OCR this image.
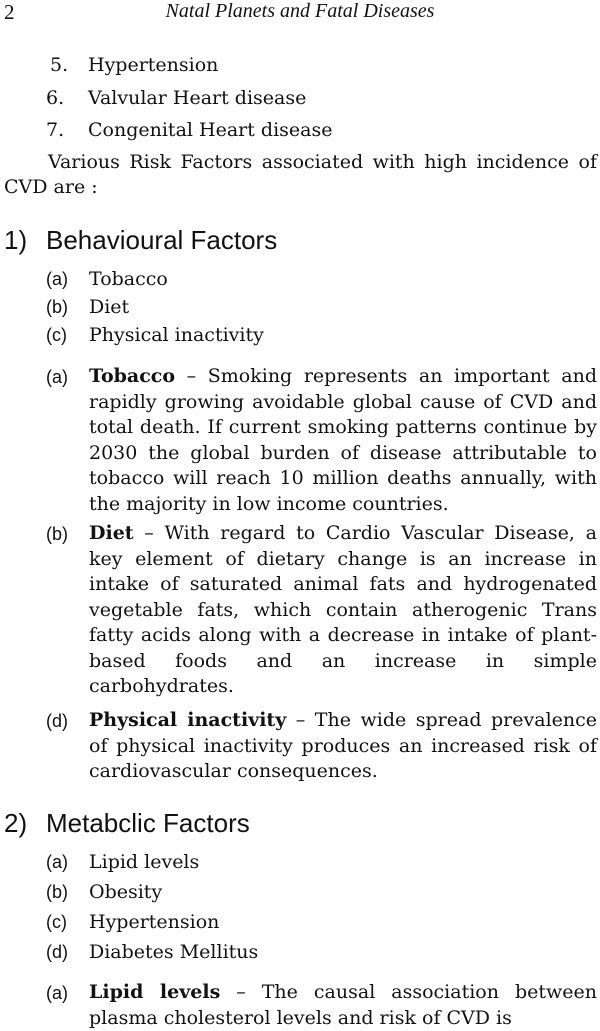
2	Natal Planets and Fatal Diseases
5. Hypertension
6. Valvular Heart disease
7. Congenital Heart disease
Various Risk Factors associated with high incidence of CVD are :
1) Behavioural Factors
(a) Tobacco
(b) Diet
(c) Physical inactivity
(a) Tobacco – Smoking represents an important and rapidly growing avoidable global cause of CVD and total death. If current smoking patterns continue by 2030 the global burden of disease attributable to tobacco will reach 10 million deaths annually, with the majority in low income countries.
(b) Diet – With regard to Cardio Vascular Disease, a key element of dietary change is an increase in intake of saturated animal fats and hydrogenated vegetable fats, which contain atherogenic Trans fatty acids along with a decrease in intake of plant-based foods and an increase in simple carbohydrates.
(d) Physical inactivity – The wide spread prevalence of physical inactivity produces an increased risk of cardiovascular consequences.
2) Metabclic Factors
(a) Lipid levels
(b) Obesity
(c) Hypertension
(d) Diabetes Mellitus
(a) Lipid levels – The causal association between plasma cholesterol levels and risk of CVD is
